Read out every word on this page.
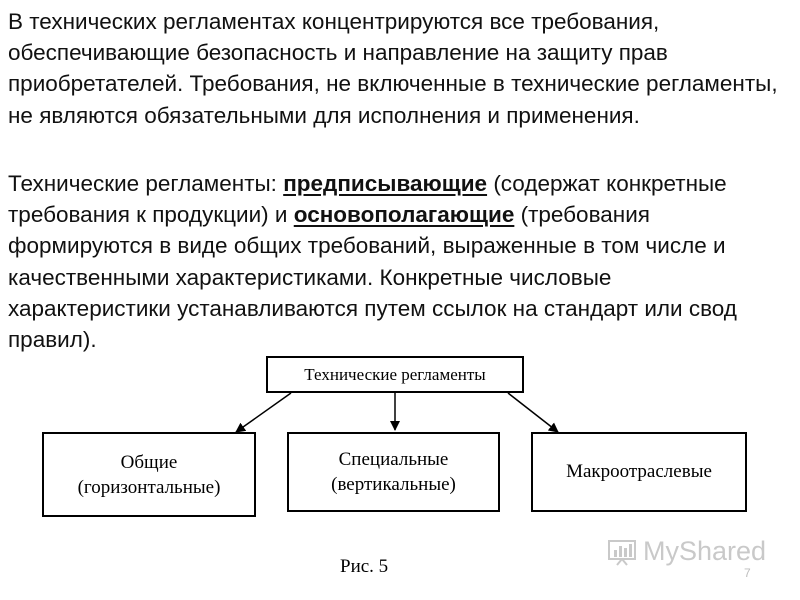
В технических регламентах концентрируются все требования, обеспечивающие безопасность и направление на защиту прав приобретателей. Требования, не включенные в технические регламенты, не являются обязательными для исполнения и применения.
Технические регламенты: предписывающие (содержат конкретные требования к продукции) и основополагающие (требования формируются в виде общих требований, выраженные в том числе и качественными характеристиками. Конкретные числовые характеристики устанавливаются путем ссылок на стандарт или свод правил).
Технические регламенты
Общие
(горизонтальные)
Специальные
(вертикальные)
Макроотраслевые
Рис. 5
MyShared
7
